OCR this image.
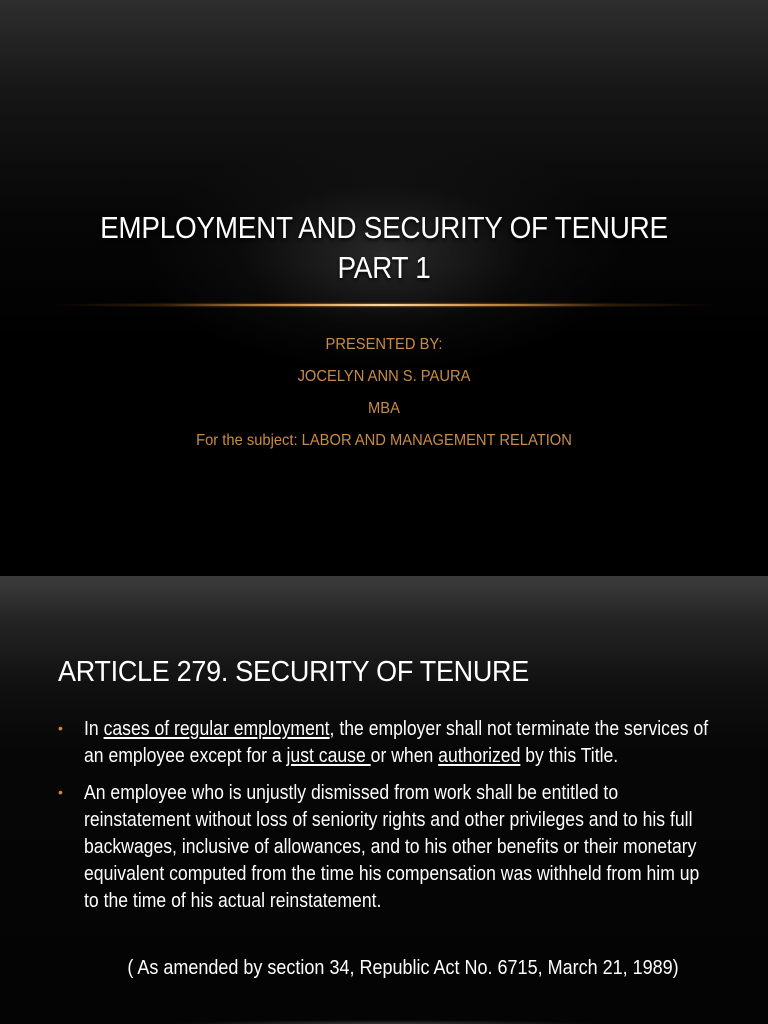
EMPLOYMENT AND SECURITY OF TENURE
PART 1
PRESENTED BY:
JOCELYN ANN S. PAURA
MBA
For the subject: LABOR AND MANAGEMENT RELATION
ARTICLE 279. SECURITY OF TENURE
• In cases of regular employment, the employer shall not terminate the services of an employee except for a just cause or when authorized by this Title.
• An employee who is unjustly dismissed from work shall be entitled to reinstatement without loss of seniority rights and other privileges and to his full backwages, inclusive of allowances, and to his other benefits or their monetary equivalent computed from the time his compensation was withheld from him up to the time of his actual reinstatement.
( As amended by section 34, Republic Act No. 6715, March 21, 1989)
